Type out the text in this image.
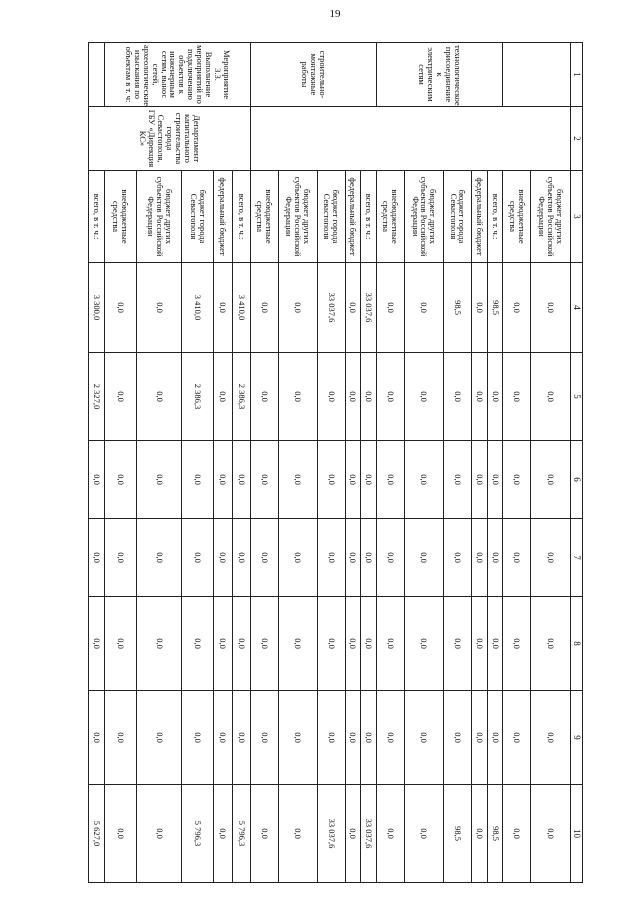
19
1	2	3	4	5	6	7	8	9	10
		бюджет других субъектов Российской Федерации	0,0	0,0	0,0	0,0	0,0	0,0	0,0
		внебюджетные средства	0,0	0,0	0,0	0,0	0,0	0,0	0,0
технологическое присоединение к электрическим сетям		всего, в т. ч.:	98,5	0,0	0,0	0,0	0,0	0,0	98,5
		федеральный бюджет	0,0	0,0	0,0	0,0	0,0	0,0	0,0
		бюджет города Севастополя	98,5	0,0	0,0	0,0	0,0	0,0	98,5
		бюджет других субъектов Российской Федерации	0,0	0,0	0,0	0,0	0,0	0,0	0,0
		внебюджетные средства	0,0	0,0	0,0	0,0	0,0	0,0	0,0
строительно-монтажные работы		всего, в т. ч.:	33 037,6	0,0	0,0	0,0	0,0	0,0	33 037,6
		федеральный бюджет	0,0	0,0	0,0	0,0	0,0	0,0	0,0
		бюджет города Севастополя	33 037,6	0,0	0,0	0,0	0,0	0,0	33 037,6
		бюджет других субъектов Российской Федерации	0,0	0,0	0,0	0,0	0,0	0,0	0,0
		внебюджетные средства	0,0	0,0	0,0	0,0	0,0	0,0	0,0
Мероприятие 3.3. Выполнение мероприятий по подключению объектов к инженерным сетям, вынос сетей, археологические изыскания по объектам в т. ч:	Департамент капитального строительства города Севастополя, ГБУ «Дирекция КС»	всего, в т. ч.:	3 410,0	2 386,3	0,0	0,0	0,0	0,0	5 796,3
		федеральный бюджет	0,0	0,0	0,0	0,0	0,0	0,0	0,0
		бюджет города Севастополя	3 410,0	2 386,3	0,0	0,0	0,0	0,0	5 796,3
		бюджет других субъектов Российской Федерации	0,0	0,0	0,0	0,0	0,0	0,0	0,0
		внебюджетные средства	0,0	0,0	0,0	0,0	0,0	0,0	0,0
		всего, в т. ч.:	3 300,0	2 327,0	0,0	0,0	0,0	0,0	5 627,0
